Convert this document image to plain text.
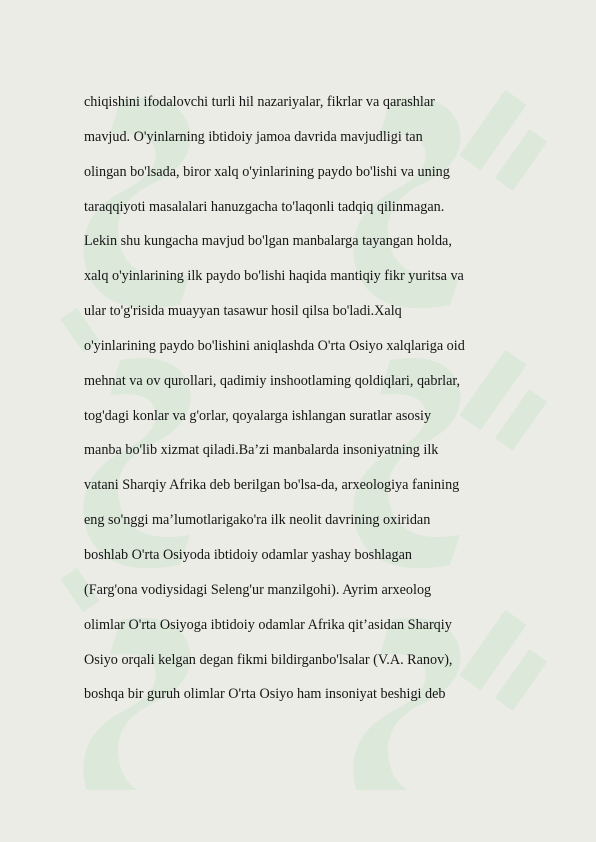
chiqishini ifodalovchi turli hil nazariyalar, fikrlar va qarashlar
mavjud. O'yinlarning ibtidoiy jamoa davrida mavjudligi tan
olingan bo'lsada, biror xalq o'yinlarining paydo bo'lishi va uning
taraqqiyoti masalalari hanuzgacha to'laqonli tadqiq qilinmagan.
Lekin shu kungacha mavjud bo'lgan manbalarga tayangan holda,
xalq o'yinlarining ilk paydo bo'lishi haqida mantiqiy fikr yuritsa va
ular to'g'risida muayyan tasawur hosil qilsa bo'ladi.Xalq
o'yinlarining paydo bo'lishini aniqlashda O'rta Osiyo xalqlariga oid
mehnat va ov qurollari, qadimiy inshootlaming qoldiqlari, qabrlar,
tog'dagi konlar va g'orlar, qoyalarga ishlangan suratlar asosiy
manba bo'lib xizmat qiladi.Ba’zi manbalarda insoniyatning ilk
vatani Sharqiy Afrika deb berilgan bo'lsa-da, arxeologiya fanining
eng so'nggi ma’lumotlarigako'ra ilk neolit davrining oxiridan
boshlab O'rta Osiyoda ibtidoiy odamlar yashay boshlagan
(Farg'ona vodiysidagi Seleng'ur manzilgohi). Ayrim arxeolog
olimlar O'rta Osiyoga ibtidoiy odamlar Afrika qit’asidan Sharqiy
Osiyo orqali kelgan degan fikmi bildirganbo'lsalar (V.A. Ranov),
boshqa bir guruh olimlar O'rta Osiyo ham insoniyat beshigi deb
